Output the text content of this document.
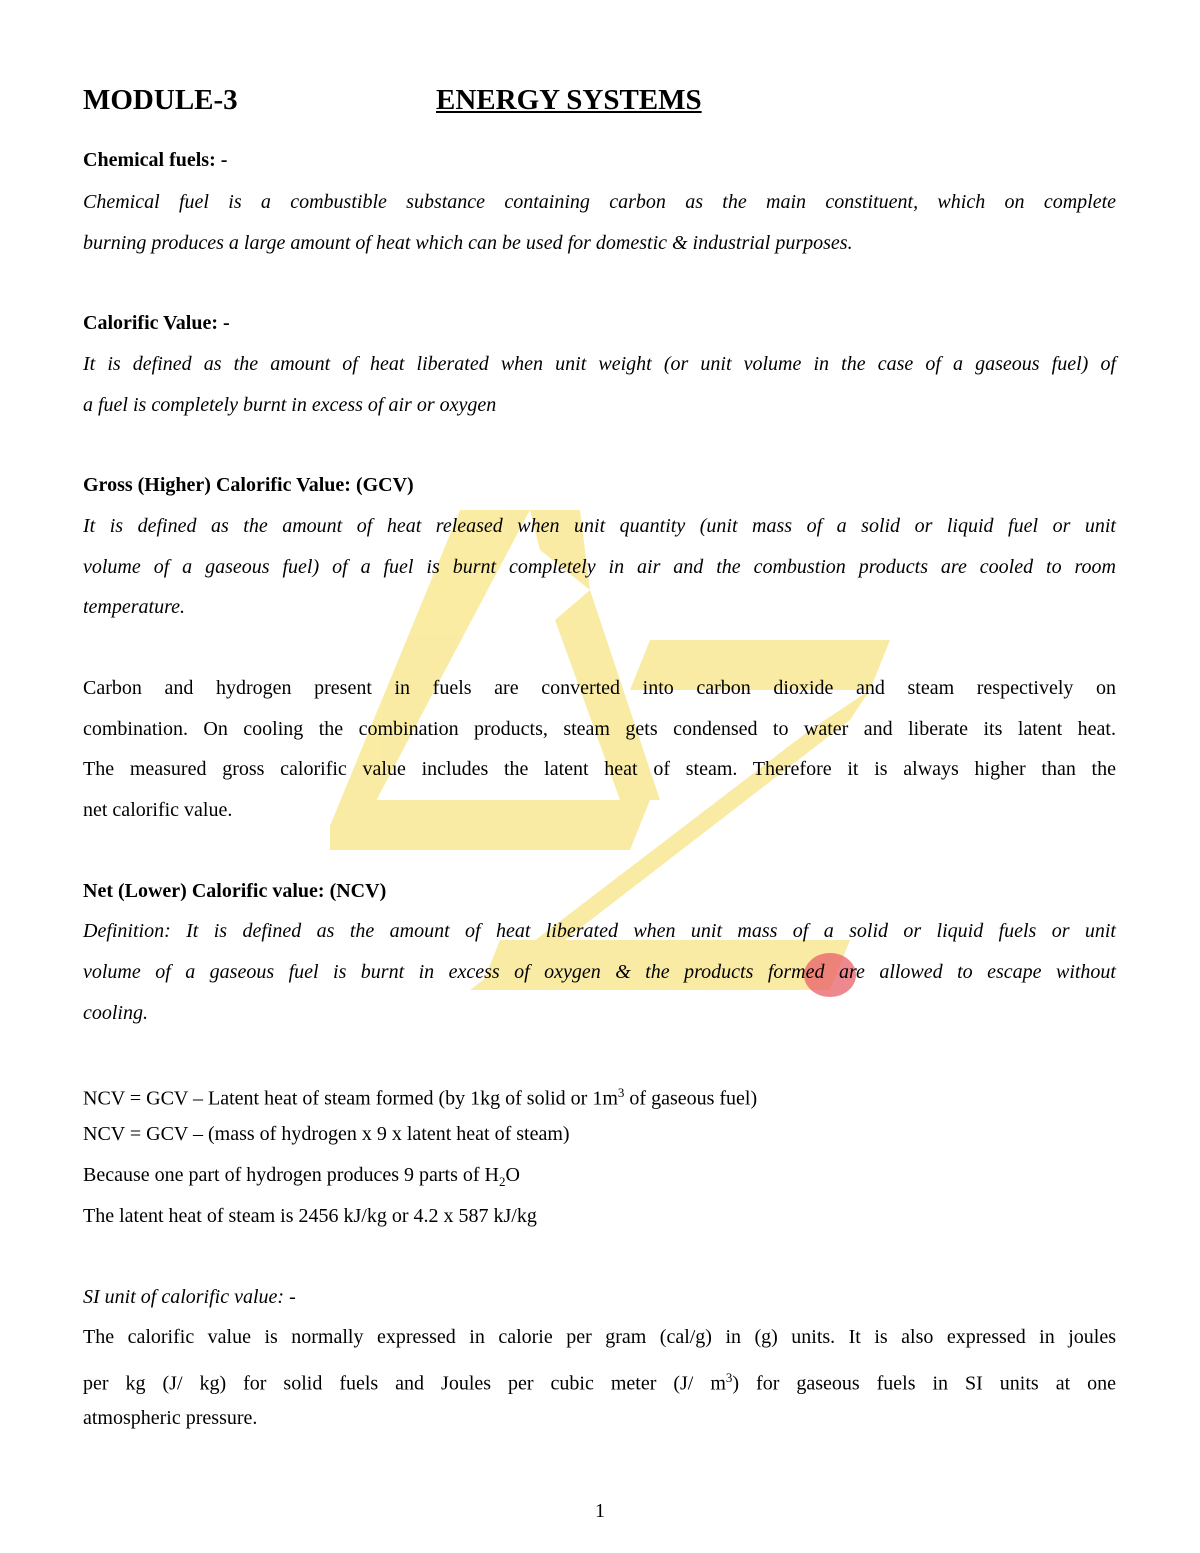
MODULE-3	ENERGY SYSTEMS
Chemical fuels: -
Chemical fuel is a combustible substance containing carbon as the main constituent, which on complete
burning produces a large amount of heat which can be used for domestic & industrial purposes.
Calorific Value: -
It is defined as the amount of heat liberated when unit weight (or unit volume in the case of a gaseous fuel) of
a fuel is completely burnt in excess of air or oxygen
Gross (Higher) Calorific Value: (GCV)
It is defined as the amount of heat released when unit quantity (unit mass of a solid or liquid fuel or unit
volume of a gaseous fuel) of a fuel is burnt completely in air and the combustion products are cooled to room
temperature.
Carbon and hydrogen present in fuels are converted into carbon dioxide and steam respectively on
combination. On cooling the combination products, steam gets condensed to water and liberate its latent heat.
The measured gross calorific value includes the latent heat of steam. Therefore it is always higher than the
net calorific value.
Net (Lower) Calorific value: (NCV)
Definition: It is defined as the amount of heat liberated when unit mass of a solid or liquid fuels or unit
volume of a gaseous fuel is burnt in excess of oxygen & the products formed are allowed to escape without
cooling.
NCV = GCV – Latent heat of steam formed (by 1kg of solid or $1m^3$ of gaseous fuel)
NCV = GCV – (mass of hydrogen x 9 x latent heat of steam)
Because one part of hydrogen produces 9 parts of $H_2O$
The latent heat of steam is 2456 kJ/kg or 4.2 x 587 kJ/kg
SI unit of calorific value: -
The calorific value is normally expressed in calorie per gram (cal/g) in (g) units. It is also expressed in joules
per kg (J/ kg) for solid fuels and Joules per cubic meter (J/ $m^3$) for gaseous fuels in SI units at one
atmospheric pressure.
1
